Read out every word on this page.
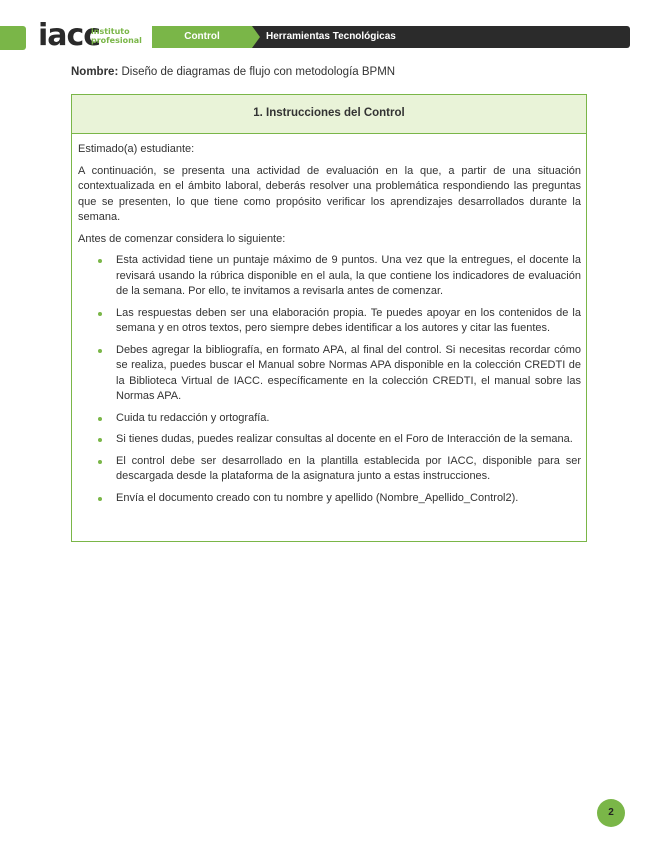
iacc
instituto
profesional	Control	Herramientas Tecnológicas
Nombre: Diseño de diagramas de flujo con metodología BPMN
1. Instrucciones del Control

Estimado(a) estudiante:

A continuación, se presenta una actividad de evaluación en la que, a partir de una situación contextualizada en el ámbito laboral, deberás resolver una problemática respondiendo las preguntas que se presenten, lo que tiene como propósito verificar los aprendizajes desarrollados durante la semana.

Antes de comenzar considera lo siguiente:

Esta actividad tiene un puntaje máximo de 9 puntos. Una vez que la entregues, el docente la revisará usando la rúbrica disponible en el aula, la que contiene los indicadores de evaluación de la semana. Por ello, te invitamos a revisarla antes de comenzar.
Las respuestas deben ser una elaboración propia. Te puedes apoyar en los contenidos de la semana y en otros textos, pero siempre debes identificar a los autores y citar las fuentes.
Debes agregar la bibliografía, en formato APA, al final del control. Si necesitas recordar cómo se realiza, puedes buscar el Manual sobre Normas APA disponible en la colección CREDTI de la Biblioteca Virtual de IACC. específicamente en la colección CREDTI, el manual sobre las Normas APA.
Cuida tu redacción y ortografía.
Si tienes dudas, puedes realizar consultas al docente en el Foro de Interacción de la semana.
El control debe ser desarrollado en la plantilla establecida por IACC, disponible para ser descargada desde la plataforma de la asignatura junto a estas instrucciones.
Envía el documento creado con tu nombre y apellido (Nombre_Apellido_Control2).
2
